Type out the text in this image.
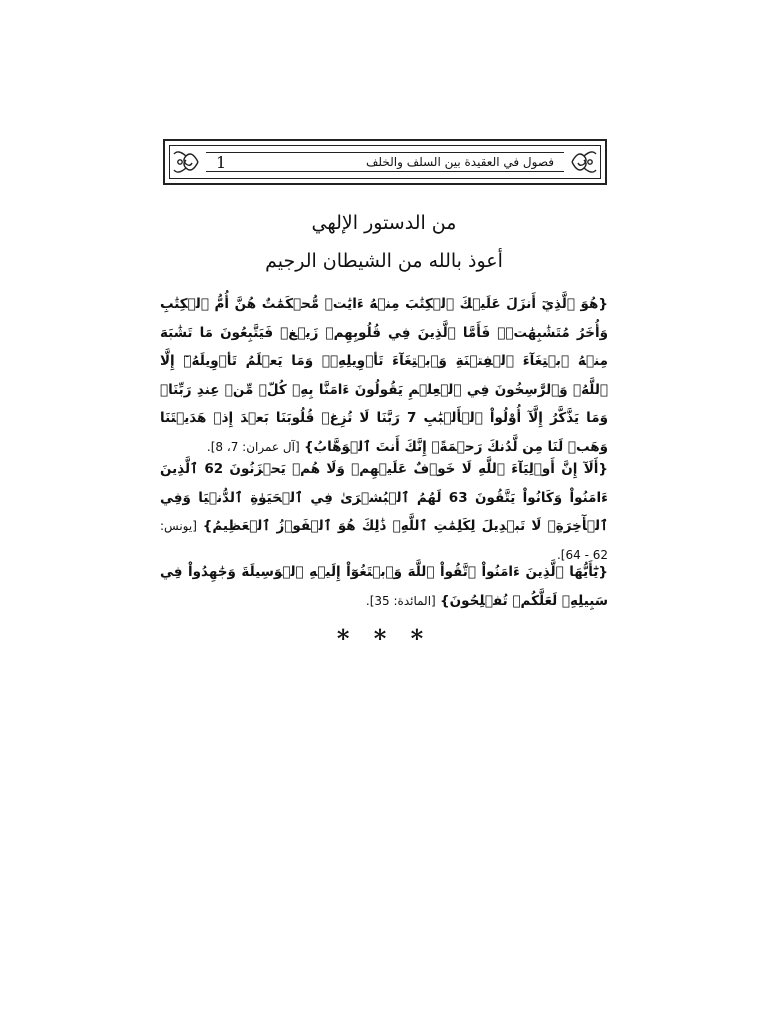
1	فصول في العقيدة بين السلف والخلف
من الدستور الإلهي
أعوذ بالله من الشيطان الرجيم
{هُوَ ٱلَّذِيٓ أَنزَلَ عَلَيۡكَ ٱلۡكِتَٰبَ مِنۡهُ ءَايَٰتٞ مُّحۡكَمَٰتٌ هُنَّ أُمُّ ٱلۡكِتَٰبِ وَأُخَرُ مُتَشَٰبِهَٰتٞۖ فَأَمَّا ٱلَّذِينَ فِي قُلُوبِهِمۡ زَيۡغٞ فَيَتَّبِعُونَ مَا تَشَٰبَهَ مِنۡهُ ٱبۡتِغَآءَ ٱلۡفِتۡنَةِ وَٱبۡتِغَآءَ تَأۡوِيلِهِۦۖ وَمَا يَعۡلَمُ تَأۡوِيلَهُۥٓ إِلَّا ٱللَّهُۗ وَٱلرَّٰسِخُونَ فِي ٱلۡعِلۡمِ يَقُولُونَ ءَامَنَّا بِهِۦ كُلّٞ مِّنۡ عِندِ رَبِّنَاۗ وَمَا يَذَّكَّرُ إِلَّآ أُوْلُواْ ٱلۡأَلۡبَٰبِ 7 رَبَّنَا لَا تُزِغۡ قُلُوبَنَا بَعۡدَ إِذۡ هَدَيۡتَنَا وَهَبۡ لَنَا مِن لَّدُنكَ رَحۡمَةًۚ إِنَّكَ أَنتَ ٱلۡوَهَّابُ} [آل عمران: 7، 8].
{أَلَآ إِنَّ أَوۡلِيَآءَ ٱللَّهِ لَا خَوۡفٌ عَلَيۡهِمۡ وَلَا هُمۡ يَحۡزَنُونَ 62 ٱلَّذِينَ ءَامَنُواْ وَكَانُواْ يَتَّقُونَ 63 لَهُمُ ٱلۡبُشۡرَىٰ فِي ٱلۡحَيَوٰةِ ٱلدُّنۡيَا وَفِي ٱلۡأٓخِرَةِۚ لَا تَبۡدِيلَ لِكَلِمَٰتِ ٱللَّهِۚ ذَٰلِكَ هُوَ ٱلۡفَوۡزُ ٱلۡعَظِيمُ} [يونس: 62 - 64].
{يَٰٓأَيُّهَا ٱلَّذِينَ ءَامَنُواْ ٱتَّقُواْ ٱللَّهَ وَٱبۡتَغُوٓاْ إِلَيۡهِ ٱلۡوَسِيلَةَ وَجَٰهِدُواْ فِي سَبِيلِهِۦ لَعَلَّكُمۡ تُفۡلِحُونَ} [المائدة: 35].
* * *
